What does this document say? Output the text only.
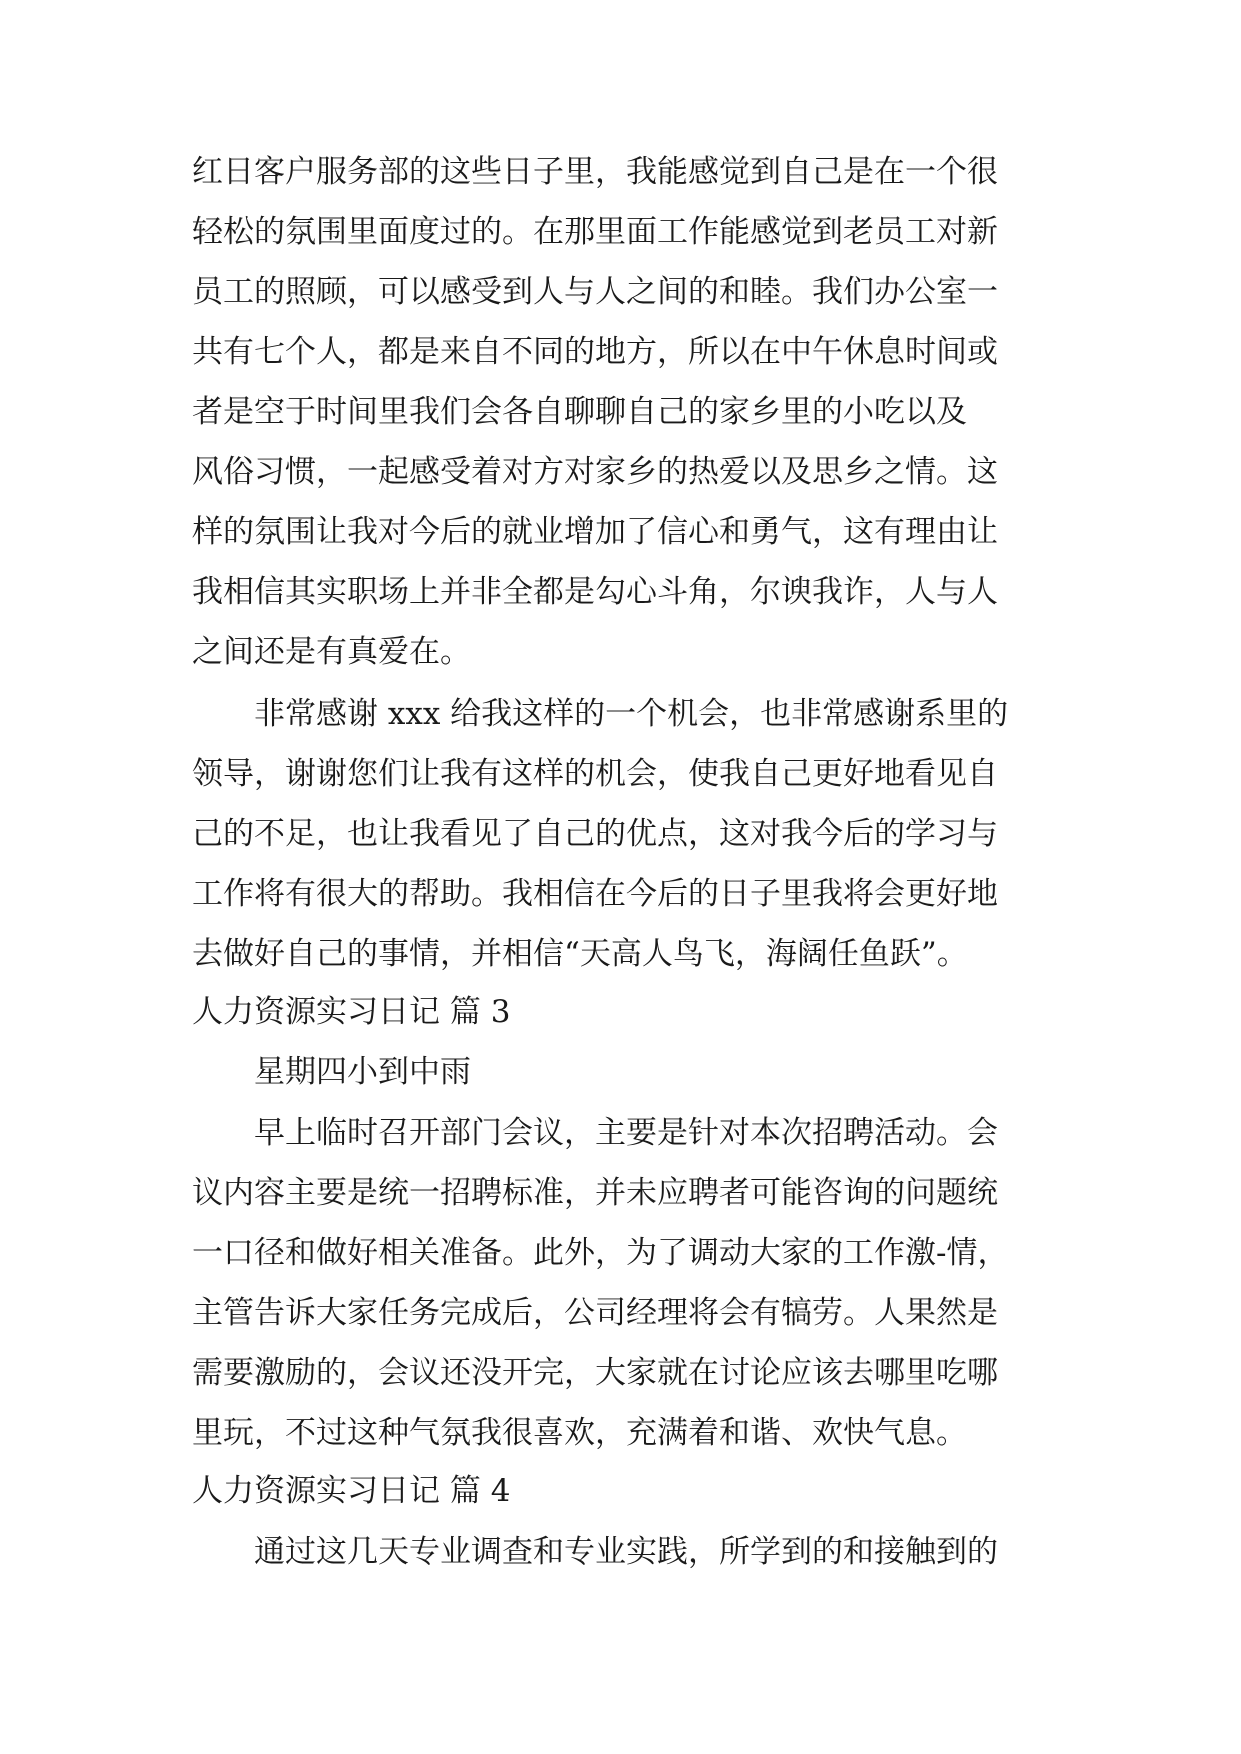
红日客户服务部的这些日子里，我能感觉到自己是在一个很
轻松的氛围里面度过的。在那里面工作能感觉到老员工对新
员工的照顾，可以感受到人与人之间的和睦。我们办公室一
共有七个人，都是来自不同的地方，所以在中午休息时间或
者是空于时间里我们会各自聊聊自己的家乡里的小吃以及
风俗习惯，一起感受着对方对家乡的热爱以及思乡之情。这
样的氛围让我对今后的就业增加了信心和勇气，这有理由让
我相信其实职场上并非全都是勾心斗角，尔谀我诈，人与人
之间还是有真爱在。
非常感谢 xxx 给我这样的一个机会，也非常感谢系里的
领导，谢谢您们让我有这样的机会，使我自己更好地看见自
己的不足，也让我看见了自己的优点，这对我今后的学习与
工作将有很大的帮助。我相信在今后的日子里我将会更好地
去做好自己的事情，并相信“天高人鸟飞，海阔任鱼跃”。
人力资源实习日记 篇 3
星期四小到中雨
早上临时召开部门会议，主要是针对本次招聘活动。会
议内容主要是统一招聘标准，并未应聘者可能咨询的问题统
一口径和做好相关准备。此外，为了调动大家的工作激-情，
主管告诉大家任务完成后，公司经理将会有犒劳。人果然是
需要激励的，会议还没开完，大家就在讨论应该去哪里吃哪
里玩，不过这种气氛我很喜欢，充满着和谐、欢快气息。
人力资源实习日记 篇 4
通过这几天专业调查和专业实践，所学到的和接触到的
